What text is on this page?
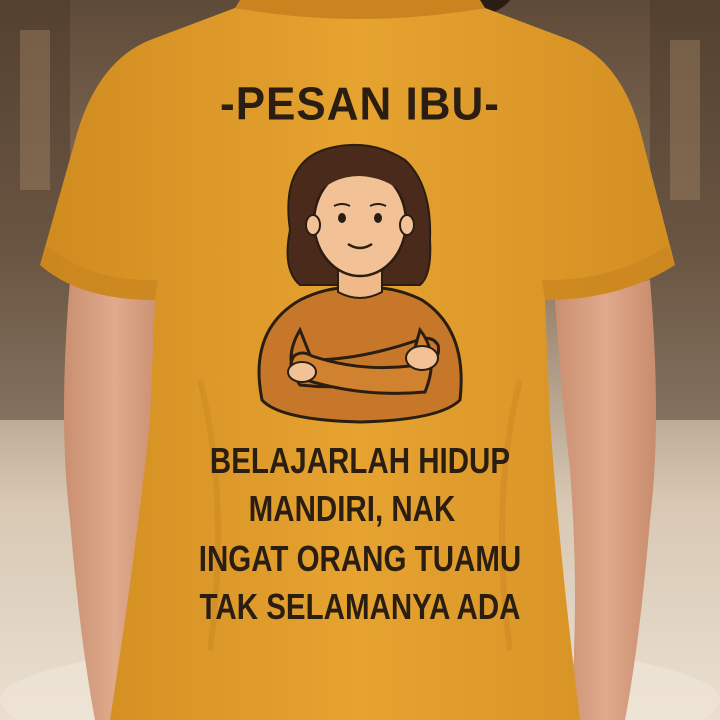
-PESAN IBU-
BELAJARLAH HIDUP
MANDIRI, NAK
INGAT ORANG TUAMU
TAK SELAMANYA ADA
